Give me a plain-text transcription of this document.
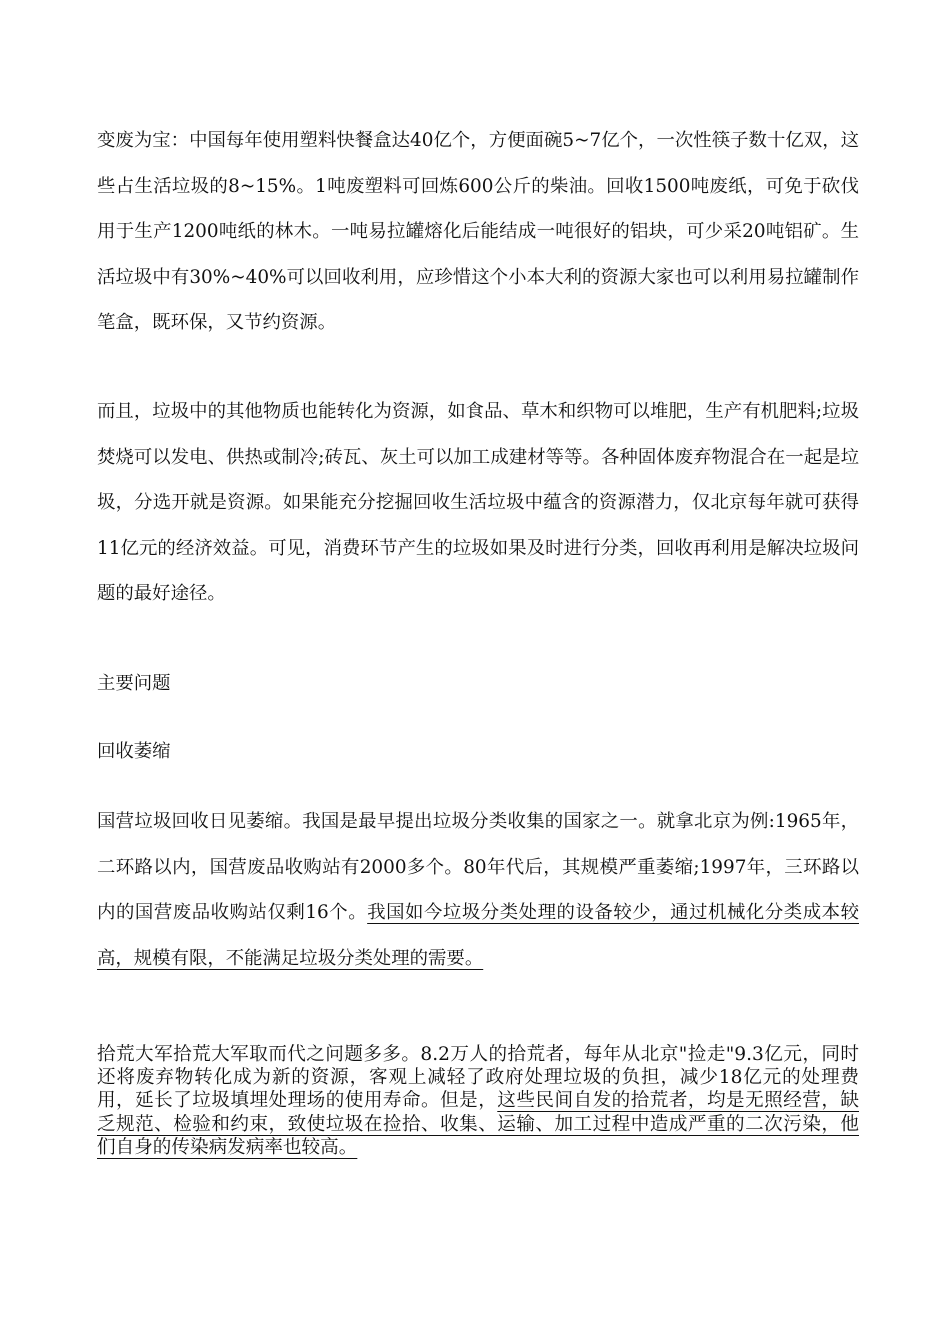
变废为宝：中国每年使用塑料快餐盒达40亿个，方便面碗5~7亿个，一次性筷子数十亿双，这些占生活垃圾的8~15%。1吨废塑料可回炼600公斤的柴油。回收1500吨废纸，可免于砍伐用于生产1200吨纸的林木。一吨易拉罐熔化后能结成一吨很好的铝块，可少采20吨铝矿。生活垃圾中有30%~40%可以回收利用，应珍惜这个小本大利的资源大家也可以利用易拉罐制作笔盒，既环保，又节约资源。

而且，垃圾中的其他物质也能转化为资源，如食品、草木和织物可以堆肥，生产有机肥料;垃圾焚烧可以发电、供热或制冷;砖瓦、灰土可以加工成建材等等。各种固体废弃物混合在一起是垃圾，分选开就是资源。如果能充分挖掘回收生活垃圾中蕴含的资源潜力，仅北京每年就可获得11亿元的经济效益。可见，消费环节产生的垃圾如果及时进行分类，回收再利用是解决垃圾问题的最好途径。

主要问题

回收萎缩

国营垃圾回收日见萎缩。我国是最早提出垃圾分类收集的国家之一。就拿北京为例:1965年，二环路以内，国营废品收购站有2000多个。80年代后，其规模严重萎缩;1997年，三环路以内的国营废品收购站仅剩16个。我国如今垃圾分类处理的设备较少，通过机械化分类成本较高，规模有限，不能满足垃圾分类处理的需要。

拾荒大军拾荒大军取而代之问题多多。8.2万人的拾荒者，每年从北京"捡走"9.3亿元，同时还将废弃物转化成为新的资源，客观上减轻了政府处理垃圾的负担，减少18亿元的处理费用，延长了垃圾填埋处理场的使用寿命。但是，这些民间自发的拾荒者，均是无照经营，缺乏规范、检验和约束，致使垃圾在捡拾、收集、运输、加工过程中造成严重的二次污染，他们自身的传染病发病率也较高。
